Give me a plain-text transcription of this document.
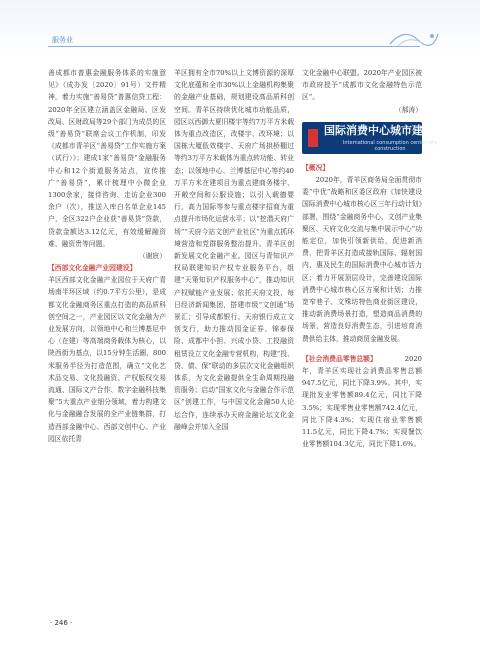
服务业

善成都市普惠金融服务体系的实施意见》（成办发〔2020〕91号）文件精神，着力实施“善易贷”普惠信贷工程：2020年全区建立涵盖区金融局、区发改局、区财政局等29个部门为成员的区级“善易贷”联席会议工作机制，印发《成都市青羊区“善易贷”工作实施方案（试行）》；建成1家“善易贷”金融服务中心和12个街道服务站点，宣传推广“善易贷”，累计梳理中小微企业1300余家，接待咨询、走访企业300余户（次），推送入库白名单企业145户，全区322户企业获“善易贷”贷款，贷款金额达3.12亿元，有效缓解融资难、融资贵等问题。

（谢宸）

【西部文化金融产业园建设】
青

羊区西部文化金融产业园位于天府广场南半环区域（约0.7平方公里），是成都文化金融商务区重点打造的高品质科创空间之一，产业园区以文化金融为产业发展方向，以领地中心和兰博基尼中心（在建）等高端商务载体为核心，以陕西街为基点，以15分钟生活圈，800米服务半径为打造范围，确立“文化艺术品交易、文化投融资、产权版权交易流通、国际文产合作、数字金融科技集聚”5大重点产业细分领域，着力构建文化与金融融合发展的全产业链集群，打造西部金融中心、西部文创中心。产业园区依托青

羊区拥有全市70%以上文博资源的深厚文化底蕴和全市30%以上金融机构集聚的金融产业基础，规划建设高品质科创空间。青羊区持续优化城市功能品质，园区以西御大夏旧楼宇等约7万平方米载体为重点改造区，改楼宇、改环境；以国栋大厦低效楼宇、天府广场拱桥棚过等约3万平方米载体为重点转功能、转业态；以领地中心、兰博基尼中心等约40万平方米在建项目为重点建商务楼宇、开敞空间和公服设施；以引入载德婴行、高力国际等参与重点楼宇招商为重点提升市场化运营水平；以“挖潜天府广场”“天府今站文创产业社区”为重点抓环境营造和党群服务整治提升。青羊区创新发展文化金融产业。园区与青知识产权局联建知识产权专业服务平台，组建“天策知识产权服务中心”，推动知识产权赋能产业发展；依托天府文投、每日经济新闻集团，搭建市级“文创通”场景汇；引导成都银行、天府银行成立文创支行，助力推动园金证券、锦泰保险、成都中小担、兴成小贷、工投融资租赁设立文化金融专营机构，构建“投、贷、债、保”联动的多层次文化金融组织体系，为文化金融提供全生命周期投融资服务；启动“国家文化与金融合作示范区”创建工作，与中国文化金融50人论坛合作，连续承办天府金融论坛文化金融峰会并加入全国

文化金融中心联盟。2020年产业园区被市政府授予“成都市文化金融特色示范区”。

（郝涛）
国际消费中心城市建设
International consumption center city construction

【概况】

2020年，青羊区商务局全面贯彻市委“中优”战略和区委区政府《加快建设国际消费中心城市核心区三年行动计划》部署，围绕“金融商务中心、文创产业集聚区、天府文化交流与集中展示中心”功能定位，加快引领新供给，促进新消费，把青羊区打造成接轨国际、辐射国内、惠及民生的国际消费中心城市活力区；着力开展顶层设计，完善建设国际消费中心城市核心区方案和计划；力推宽窄巷子、文殊坊特色商业街区建设，推动新消费场景打造，塑造商品消费的场景，营造良好消费生态，引进培育消费供给主体，推动商贸金融发展。

【社会消费品零售总额】	2020

年，青羊区实现社会消费品零售总额947.5亿元，同比下降3.9%。其中，实现批发业零售额89.4亿元，同比下降3.5%；实现零售业零售额742.4亿元，同比下降4.3%；实现住宿业零售额11.5亿元，同比下降4.7%；实现餐饮业零售额104.3亿元，同比下降1.6%。

· 246 ·
